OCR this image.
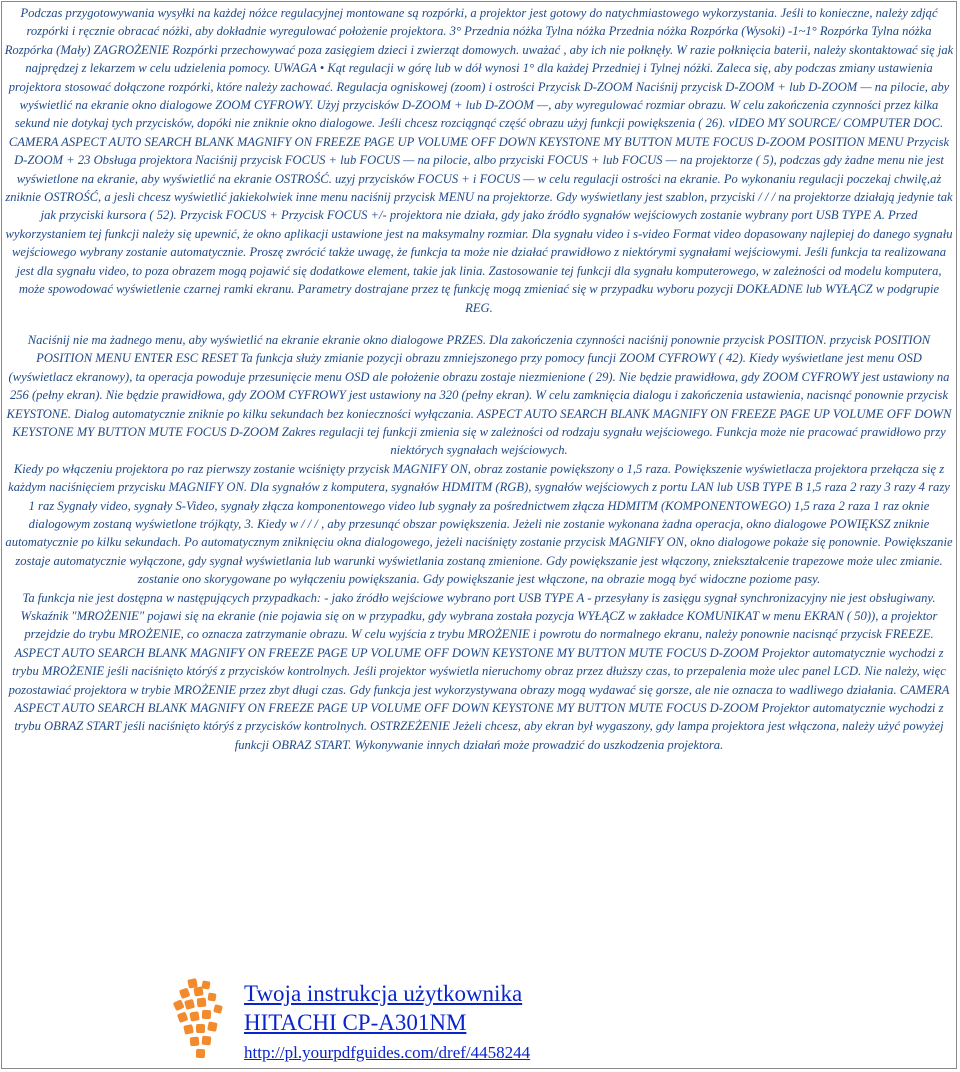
Podczas przygotowywania wysyłki na każdej nóżce regulacyjnej montowane są rozpórki, a projektor jest gotowy do natychmiastowego wykorzystania. Jeśli to konieczne, należy zdjąć rozpórki i ręcznie obracać nóżki, aby dokładnie wyregulować położenie projektora. 3° Przednia nóżka Tylna nóżka Przednia nóżka Rozpórka (Wysoki) -1~1° Rozpórka Tylna nóżka Rozpórka (Mały) ZAGROŻENIE Rozpórki przechowywać poza zasięgiem dzieci i zwierząt domowych. uważać , aby ich nie połknęły. W razie połknięcia baterii, należy skontaktować się jak najprędzej z lekarzem w celu udzielenia pomocy. UWAGA • Kąt regulacji w górę lub w dół wynosi 1° dla każdej Przedniej i Tylnej nóżki. Zaleca się, aby podczas zmiany ustawienia projektora stosować dołączone rozpórki, które należy zachować. Regulacja ogniskowej (zoom) i ostrości Przycisk D-ZOOM Naciśnij przycisk D-ZOOM + lub D-ZOOM — na pilocie, aby wyświetlić na ekranie okno dialogowe ZOOM CYFROWY. Użyj przycisków D-ZOOM + lub D-ZOOM —, aby wyregulować rozmiar obrazu. W celu zakończenia czynności przez kilka sekund nie dotykaj tych przycisków, dopóki nie zniknie okno dialogowe. Jeśli chcesz rozciągnąć część obrazu użyj funkcji powiększenia ( 26). vIDEO MY SOURCE/ COMPUTER DOC. CAMERA ASPECT AUTO SEARCH BLANK MAGNIFY ON FREEZE PAGE UP VOLUME OFF DOWN KEYSTONE MY BUTTON MUTE FOCUS D-ZOOM POSITION MENU Przycisk D-ZOOM + 23 Obsługa projektora Naciśnij przycisk FOCUS + lub FOCUS — na pilocie, albo przyciski FOCUS + lub FOCUS — na projektorze ( 5), podczas gdy żadne menu nie jest wyświetlone na ekranie, aby wyświetlić na ekranie OSTROŚĆ. uzyj przycisków FOCUS + i FOCUS — w celu regulacji ostrości na ekranie. Po wykonaniu regulacji poczekaj chwilę,aż zniknie OSTROŚĆ, a jesli chcesz wyświetlić jakiekolwiek inne menu naciśnij przycisk MENU na projektorze. Gdy wyświetlany jest szablon, przyciski / / / na projektorze działają jedynie tak jak przyciski kursora ( 52). Przycisk FOCUS + Przycisk FOCUS +/- projektora nie działa, gdy jako źródło sygnałów wejściowych zostanie wybrany port USB TYPE A. Przed wykorzystaniem tej funkcji należy się upewnić, że okno aplikacji ustawione jest na maksymalny rozmiar. Dla sygnału video i s-video Format video dopasowany najlepiej do danego sygnału wejściowego wybrany zostanie automatycznie. Proszę zwrócić także uwagę, że funkcja ta może nie działać prawidłowo z niektórymi sygnałami wejściowymi. Jeśli funkcja ta realizowana jest dla sygnału video, to poza obrazem mogą pojawić się dodatkowe element, takie jak linia. Zastosowanie tej funkcji dla sygnału komputerowego, w zależności od modelu komputera, może spowodować wyświetlenie czarnej ramki ekranu. Parametry dostrajane przez tę funkcję mogą zmieniać się w przypadku wyboru pozycji DOKŁADNE lub WYŁĄCZ w podgrupie REG.

Naciśnij nie ma żadnego menu, aby wyświetlić na ekranie ekranie okno dialogowe PRZES. Dla zakończenia czynności naciśnij ponownie przycisk POSITION. przycisk POSITION POSITION MENU ENTER ESC RESET Ta funkcja służy zmianie pozycji obrazu zmniejszonego przy pomocy funcji ZOOM CYFROWY ( 42). Kiedy wyświetlane jest menu OSD (wyświetlacz ekranowy), ta operacja powoduje przesunięcie menu OSD ale położenie obrazu zostaje niezmienione ( 29). Nie będzie prawidłowa, gdy ZOOM CYFROWY jest ustawiony na 256 (pełny ekran). Nie będzie prawidłowa, gdy ZOOM CYFROWY jest ustawiony na 320 (pełny ekran). W celu zamknięcia dialogu i zakończenia ustawienia, nacisnąć ponownie przycisk KEYSTONE. Dialog automatycznie zniknie po kilku sekundach bez konieczności wyłączania. ASPECT AUTO SEARCH BLANK MAGNIFY ON FREEZE PAGE UP VOLUME OFF DOWN KEYSTONE MY BUTTON MUTE FOCUS D-ZOOM Zakres regulacji tej funkcji zmienia się w zależności od rodzaju sygnału wejściowego. Funkcja może nie pracować prawidłowo przy niektórych sygnałach wejściowych.

Kiedy po włączeniu projektora po raz pierwszy zostanie wciśnięty przycisk MAGNIFY ON, obraz zostanie powiększony o 1,5 raza. Powiększenie wyświetlacza projektora przełącza się z każdym naciśnięciem przycisku MAGNIFY ON. Dla sygnałów z komputera, sygnałów HDMITM (RGB), sygnałów wejściowych z portu LAN lub USB TYPE B 1,5 raza 2 razy 3 razy 4 razy 1 raz Sygnały video, sygnały S-Video, sygnały złącza komponentowego video lub sygnały za pośrednictwem złącza HDMITM (KOMPONENTOWEGO) 1,5 raza 2 raza 1 raz oknie dialogowym zostaną wyświetlone trójkąty, 3. Kiedy w / / / , aby przesunąć obszar powiększenia. Jeżeli nie zostanie wykonana żadna operacja, okno dialogowe POWIĘKSZ zniknie automatycznie po kilku sekundach. Po automatycznym zniknięciu okna dialogowego, jeżeli naciśnięty zostanie przycisk MAGNIFY ON, okno dialogowe pokaże się ponownie. Powiększanie zostaje automatycznie wyłączone, gdy sygnał wyświetlania lub warunki wyświetlania zostaną zmienione. Gdy powiększanie jest włączony, zniekształcenie trapezowe może ulec zmianie. zostanie ono skorygowane po wyłączeniu powiększania. Gdy powiększanie jest włączone, na obrazie mogą być widoczne poziome pasy.

Ta funkcja nie jest dostępna w następujących przypadkach: - jako źródło wejściowe wybrano port USB TYPE A - przesyłany is zasięgu sygnał synchronizacyjny nie jest obsługiwany. Wskaźnik "MROŻENIE" pojawi się na ekranie (nie pojawia się on w przypadku, gdy wybrana została pozycja WYŁĄCZ w zakładce KOMUNIKAT w menu EKRAN ( 50)), a projektor przejdzie do trybu MROŻENIE, co oznacza zatrzymanie obrazu. W celu wyjścia z trybu MROŻENIE i powrotu do normalnego ekranu, należy ponownie nacisnąć przycisk FREEZE. ASPECT AUTO SEARCH BLANK MAGNIFY ON FREEZE PAGE UP VOLUME OFF DOWN KEYSTONE MY BUTTON MUTE FOCUS D-ZOOM Projektor automatycznie wychodzi z trybu MROŻENIE jeśli naciśnięto którýś z przycisków kontrolnych. Jeśli projektor wyświetla nieruchomy obraz przez dłuższy czas, to przepalenia może ulec panel LCD. Nie należy, więc pozostawiać projektora w trybie MROŻENIE przez zbyt długi czas. Gdy funkcja jest wykorzystywana obrazy mogą wydawać się gorsze, ale nie oznacza to wadliwego działania. CAMERA ASPECT AUTO SEARCH BLANK MAGNIFY ON FREEZE PAGE UP VOLUME OFF DOWN KEYSTONE MY BUTTON MUTE FOCUS D-ZOOM Projektor automatycznie wychodzi z trybu OBRAZ START jeśli naciśnięto którýś z przycisków kontrolnych. OSTRZEŻENIE Jeżeli chcesz, aby ekran był wygaszony, gdy lampa projektora jest włączona, należy użyć powyżej funkcji OBRAZ START. Wykonywanie innych działań może prowadzić do uszkodzenia projektora.

Twoja instrukcja użytkownika
HITACHI CP-A301NM
http://pl.yourpdfguides.com/dref/4458244
